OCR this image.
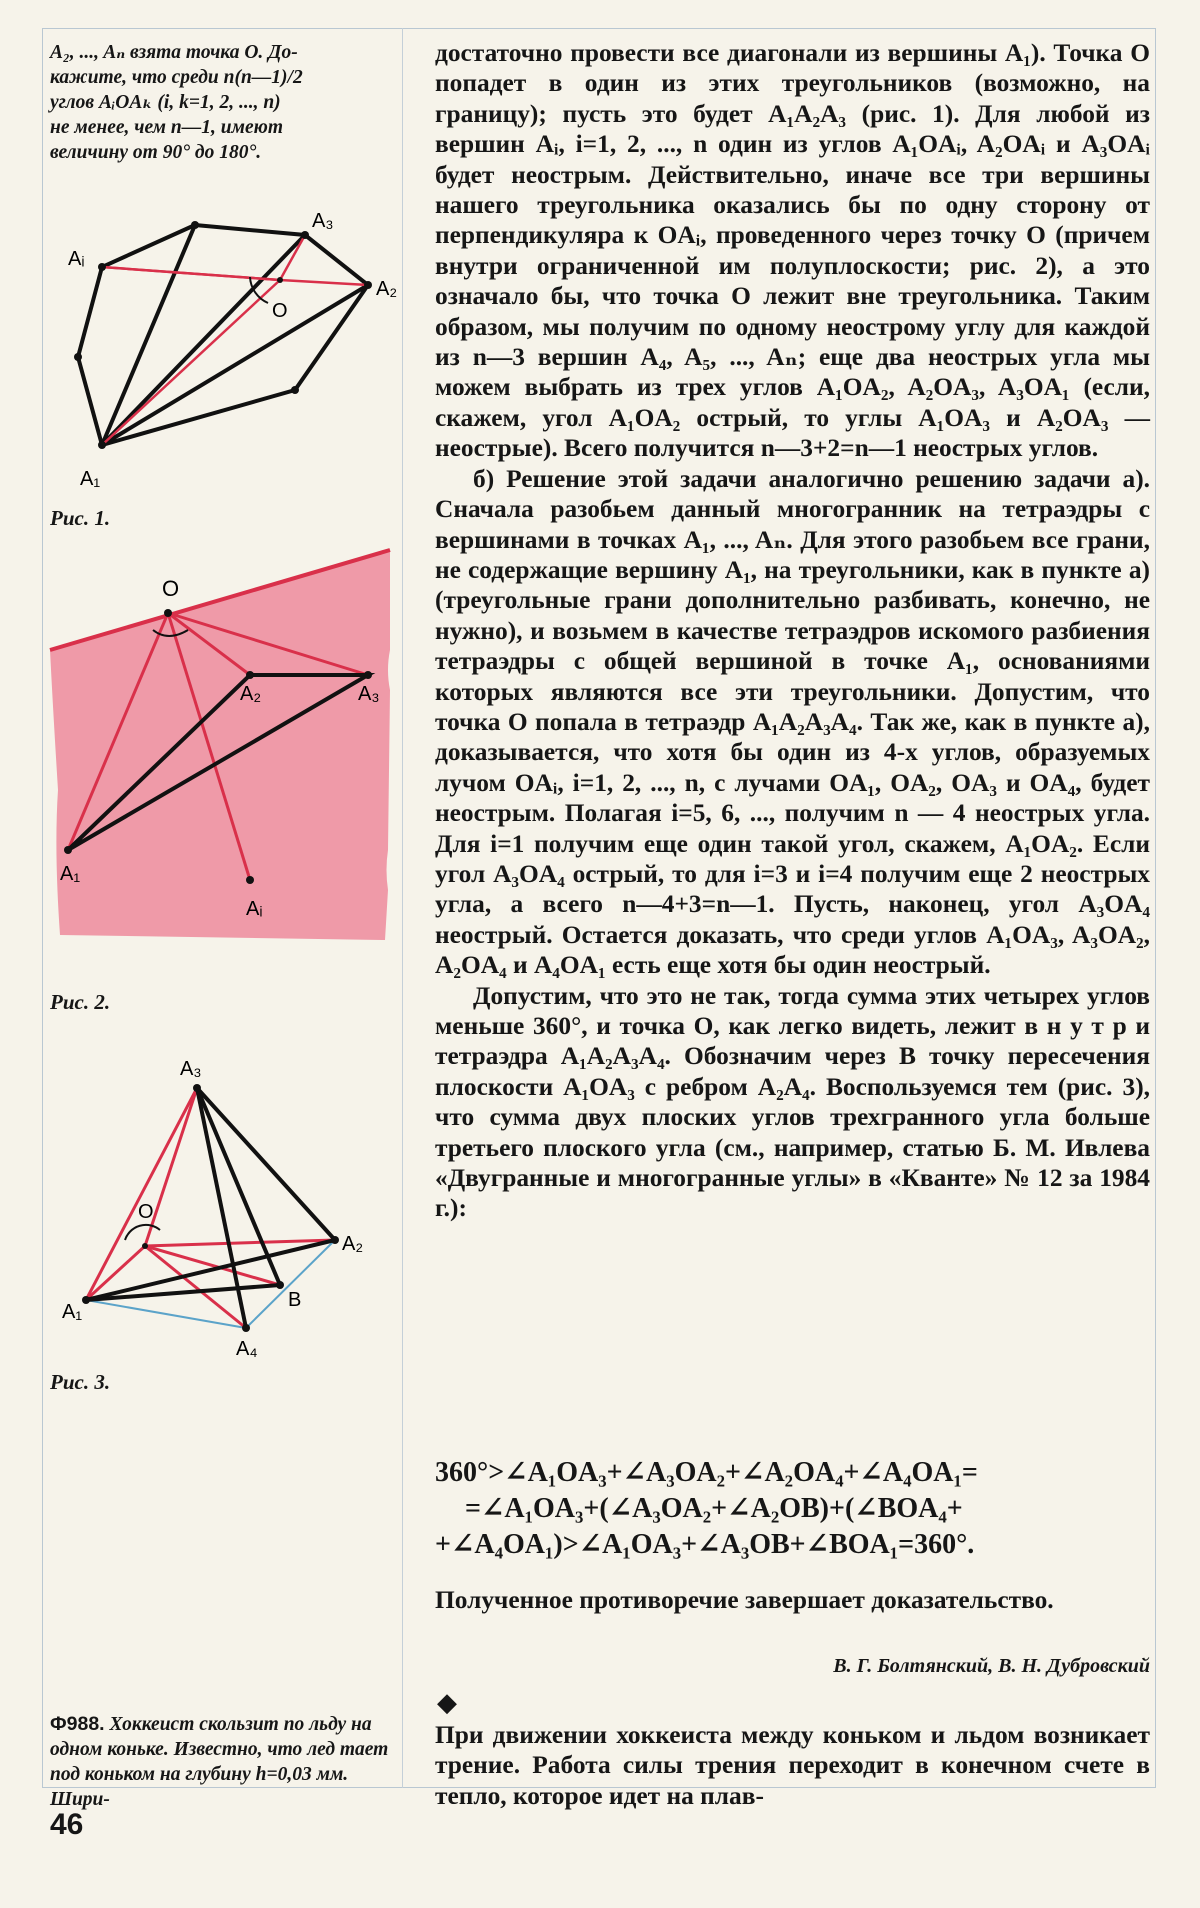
A₂, ..., Aₙ взята точка O. До-
кажите, что среди n(n—1)/2
углов AᵢOAₖ (i, k=1, 2, ..., n)
не менее, чем n—1, имеют
величину от 90° до 180°.
A₁
A₂
A₃
Aᵢ
O
Рис. 1.
O
A₂	A₃
A₁
Aᵢ
Рис. 2.
A₃
O
A₂
A₁
B
A₄
Рис. 3.
Ф988. Хоккеист скользит по льду на одном коньке. Известно, что лед тает под коньком на глубину h=0,03 мм. Шири-

достаточно провести все диагонали из вершины A₁). Точка O попадет в один из этих треугольников (возможно, на границу); пусть это будет A₁A₂A₃ (рис. 1). Для любой из вершин Aᵢ, i=1, 2, ..., n один из углов A₁OAᵢ, A₂OAᵢ и A₃OAᵢ будет неострым. Действительно, иначе все три вершины нашего треугольника оказались бы по одну сторону от перпендикуляра к OAᵢ, проведенного через точку O (причем внутри ограниченной им полуплоскости; рис. 2), а это означало бы, что точка O лежит вне треугольника. Таким образом, мы получим по одному неострому углу для каждой из n—3 вершин A₄, A₅, ..., Aₙ; еще два неострых угла мы можем выбрать из трех углов A₁OA₂, A₂OA₃, A₃OA₁ (если, скажем, угол A₁OA₂ острый, то углы A₁OA₃ и A₂OA₃ — неострые). Всего получится n—3+2=n—1 неострых углов.

б) Решение этой задачи аналогично решению задачи а). Сначала разобьем данный многогранник на тетраэдры с вершинами в точках A₁, ..., Aₙ. Для этого разобьем все грани, не содержащие вершину A₁, на треугольники, как в пункте а) (треугольные грани дополнительно разбивать, конечно, не нужно), и возьмем в качестве тетраэдров искомого разбиения тетраэдры с общей вершиной в точке A₁, основаниями которых являются все эти треугольники. Допустим, что точка O попала в тетраэдр A₁A₂A₃A₄. Так же, как в пункте а), доказывается, что хотя бы один из 4-х углов, образуемых лучом OAᵢ, i=1, 2, ..., n, с лучами OA₁, OA₂, OA₃ и OA₄, будет неострым. Полагая i=5, 6, ..., получим n — 4 неострых угла. Для i=1 получим еще один такой угол, скажем, A₁OA₂. Если угол A₃OA₄ острый, то для i=3 и i=4 получим еще 2 неострых угла, а всего n—4+3=n—1. Пусть, наконец, угол A₃OA₄ неострый. Остается доказать, что среди углов A₁OA₃, A₃OA₂, A₂OA₄ и A₄OA₁ есть еще хотя бы один неострый.

Допустим, что это не так, тогда сумма этих четырех углов меньше 360°, и точка O, как легко видеть, лежит в н у т р и тетраэдра A₁A₂A₃A₄. Обозначим через B точку пересечения плоскости A₁OA₃ с ребром A₂A₄. Воспользуемся тем (рис. 3), что сумма двух плоских углов трехгранного угла больше третьего плоского угла (см., например, статью Б. М. Ивлева «Двугранные и многогранные углы» в «Кванте» № 12 за 1984 г.):

360°>∠A₁OA₃+∠A₃OA₂+∠A₂OA₄+∠A₄OA₁=
=∠A₁OA₃+(∠A₃OA₂+∠A₂OB)+(∠BOA₄+
+∠A₄OA₁)>∠A₁OA₃+∠A₃OB+∠BOA₁=360°.
Полученное противоречие завершает доказательство.
В. Г. Болтянский, В. Н. Дубровский
◆
При движении хоккеиста между коньком и льдом возникает трение. Работа силы трения переходит в конечном счете в тепло, которое идет на плав-
46
